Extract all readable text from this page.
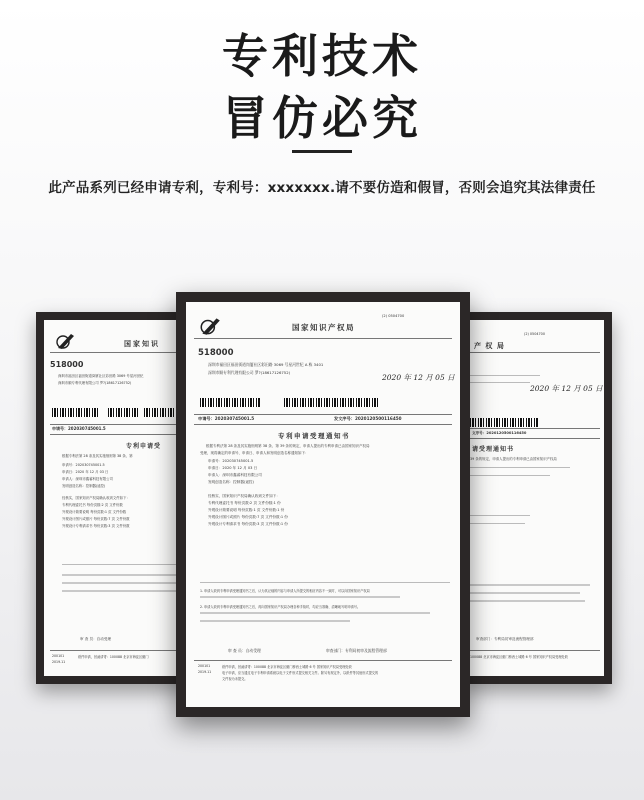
专利技术
冒仿必究
此产品系列已经申请专利，专利号：xxxxxxx.请不要仿造和假冒，否则会追究其法律责任
国家知识
518000
深圳市福田区福田街道岗厦社区彩田路 3069 号星河世纪
深圳市顺专利代理有限公司 罗?(18617126752)
申请号：202030745001.5
专利申请受
根据专利法第 28 条及其实施细则第 38 条、第
申请号：202030745001.5
申请日：2020 年 12 月 03 日
申请人：深圳市鑫睿科技有限公司
发明创造名称：控制器(遥控)
经核实，国家知识产权局确认收到文件如下：
专利代理委托书 每份页数:2 页 文件份数
外观设计简要说明 每份页数:1 页 文件份数
外观设计图片或照片 每份页数:7 页 文件份数
外观设计专利请求书 每份页数:3 页 文件份数
审 查 员：自动受理
200101
2019.11
纸件申请，回函请寄：100088 北京市海淀区蓟门
(2) 0504700
产 权 局
2020 年 12 月 05 日
文序号：2020120500116450
请受理通知书
39 条的规定，申请人提出的专利申请已由国家知识产权局
审查部门：专利局初审及流程管理部
100088 北京市海淀区蓟门桥西土城路 6 号 国家知识产权局受理处收
(2) 0504700
国家知识产权局
518000
深圳市福田区福田街道岗厦社区彩田路 3069 号星河世纪 A 栋 3401
深圳市顺专利代理有限公司 罗?(18617126752)
2020 年 12 月 05 日
申请号：202030745001.5	发文序号：2020120500116450
专利申请受理通知书
根据专利法第 28 条及其实施细则第 38 条、第 39 条的规定，申请人提出的专利申请已由国家知识产权局
受理，现将确定的申请号、申请日、申请人和发明创造名称通知如下：
申请号：202030745001.5
申请日：2020 年 12 月 03 日
申请人：深圳市鑫睿科技有限公司
发明创造名称：控制器(遥控)
经核实，国家知识产权局确认收到文件如下：
专利代理委托书 每份页数:2 页 文件份数:1 份
外观设计简要说明 每份页数:1 页 文件份数:1 份
外观设计图片或照片 每份页数:7 页 文件份数:1 份
外观设计专利请求书 每份页数:3 页 文件份数:1 份
1. 申请人收到专利申请受理通知书之后，认为其记载的内容与申请人所提交的相应内容不一致时，可以向国家知识产权局
2. 申请人收到专利申请受理通知书之后，再向国家知识产权局办理各种手续时，均应当准确、清晰地写明申请号。
审 查 员：自动受理	审查部门：专利局初审及流程管理部
200101
2019.11
纸件申请，回函请寄：100088 北京市海淀区蓟门桥西土城路 6 号 国家知识产权局受理处收
电子申请，应当通过电子专利申请系统以电子文件形式提交相关文件。除另有规定外，以纸件等其他形式提交的
文件视为未提交。
